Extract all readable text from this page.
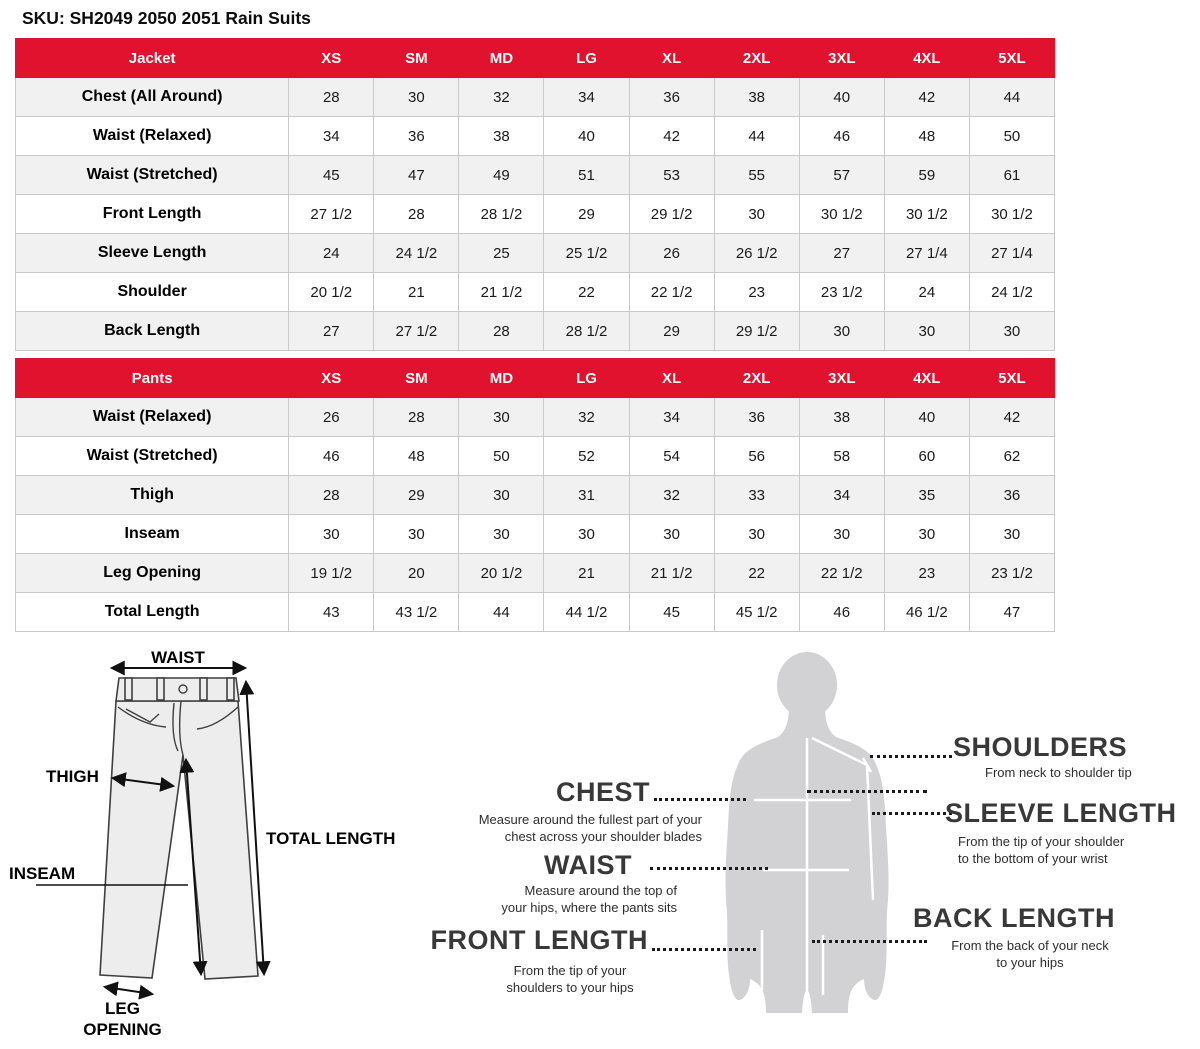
SKU: SH2049 2050 2051 Rain Suits
Jacket	XS	SM	MD	LG	XL	2XL	3XL	4XL	5XL
Chest (All Around)	28	30	32	34	36	38	40	42	44
Waist (Relaxed)	34	36	38	40	42	44	46	48	50
Waist (Stretched)	45	47	49	51	53	55	57	59	61
Front Length	27 1/2	28	28 1/2	29	29 1/2	30	30 1/2	30 1/2	30 1/2
Sleeve Length	24	24 1/2	25	25 1/2	26	26 1/2	27	27 1/4	27 1/4
Shoulder	20 1/2	21	21 1/2	22	22 1/2	23	23 1/2	24	24 1/2
Back Length	27	27 1/2	28	28 1/2	29	29 1/2	30	30	30
Pants	XS	SM	MD	LG	XL	2XL	3XL	4XL	5XL
Waist (Relaxed)	26	28	30	32	34	36	38	40	42
Waist (Stretched)	46	48	50	52	54	56	58	60	62
Thigh	28	29	30	31	32	33	34	35	36
Inseam	30	30	30	30	30	30	30	30	30
Leg Opening	19 1/2	20	20 1/2	21	21 1/2	22	22 1/2	23	23 1/2
Total Length	43	43 1/2	44	44 1/2	45	45 1/2	46	46 1/2	47
WAIST
THIGH
TOTAL LENGTH
INSEAM
LEG
OPENING
CHEST
Measure around the fullest part of your
chest across your shoulder blades
WAIST
Measure around the top of
your hips, where the pants sits
FRONT LENGTH
From the tip of your
shoulders to your hips
SHOULDERS
From neck to shoulder tip
SLEEVE LENGTH
From the tip of your shoulder
to the bottom of your wrist
BACK LENGTH
From the back of your neck
to your hips
